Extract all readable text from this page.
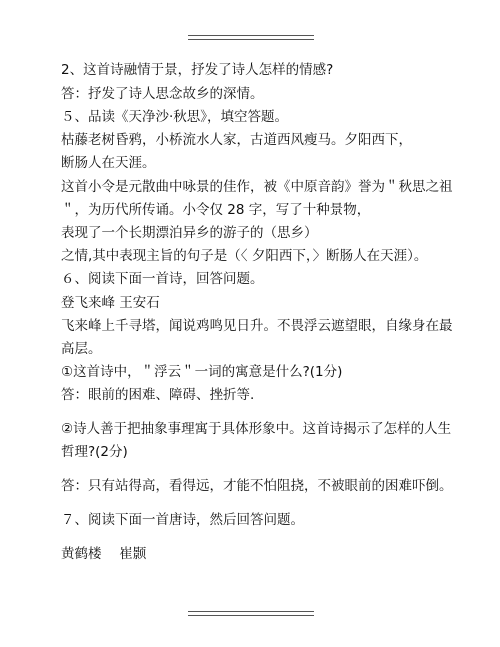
2、这首诗融情于景，抒发了诗人怎样的情感?
答：抒发了诗人思念故乡的深情。
５、品读《天净沙·秋思》，填空答题。
枯藤老树昏鸦，小桥流水人家，古道西风瘦马。夕阳西下，
断肠人在天涯。
这首小令是元散曲中咏景的佳作，被《中原音韵》誉为＂秋思之祖
＂，为历代所传诵。小令仅 28 字，写了十种景物，
表现了一个长期漂泊异乡的游子的（思乡）
之情,其中表现主旨的句子是（〈 夕阳西下，〉断肠人在天涯）。
６、阅读下面一首诗，回答问题。
登飞来峰 王安石
飞来峰上千寻塔，闻说鸡鸣见日升。不畏浮云遮望眼，自缘身在最
高层。
①这首诗中，＂浮云＂一词的寓意是什么?(1分)
答：眼前的困难、障碍、挫折等.
②诗人善于把抽象事理寓于具体形象中。这首诗揭示了怎样的人生
哲理?(2分)
答：只有站得高，看得远，才能不怕阻挠，不被眼前的困难吓倒。
７、阅读下面一首唐诗，然后回答问题。
黄鹤楼　 崔颢
